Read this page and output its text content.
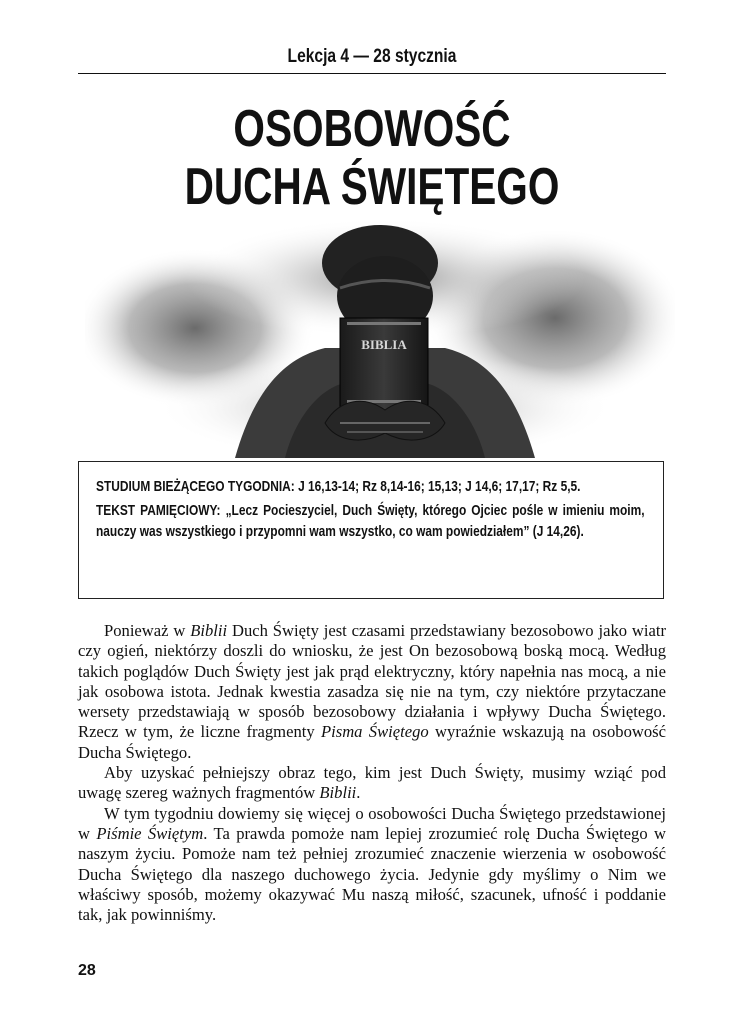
Lekcja 4 — 28 stycznia
OSOBOWOŚĆ
DUCHA ŚWIĘTEGO
BIBLIA

STUDIUM BIEŻĄCEGO TYGODNIA: J 16,13-14; Rz 8,14-16; 15,13; J 14,6; 17,17; Rz 5,5.

TEKST PAMIĘCIOWY: „Lecz Pocieszyciel, Duch Święty, którego Ojciec pośle w imieniu moim, nauczy was wszystkiego i przypomni wam wszystko, co wam powiedziałem” (J 14,26).

Ponieważ w Biblii Duch Święty jest czasami przedstawiany bezosobowo jako wiatr czy ogień, niektórzy doszli do wniosku, że jest On bezosobową boską mocą. Według takich poglądów Duch Święty jest jak prąd elektryczny, który napełnia nas mocą, a nie jak osobowa istota. Jednak kwestia zasadza się nie na tym, czy niektóre przytaczane wersety przedstawiają w sposób bezosobowy działania i wpływy Ducha Świętego. Rzecz w tym, że liczne fragmenty Pisma Świętego wyraźnie wskazują na osobowość Ducha Świętego.

Aby uzyskać pełniejszy obraz tego, kim jest Duch Święty, musimy wziąć pod uwagę szereg ważnych fragmentów Biblii.

W tym tygodniu dowiemy się więcej o osobowości Ducha Świętego przedstawionej w Piśmie Świętym. Ta prawda pomoże nam lepiej zrozumieć rolę Ducha Świętego w naszym życiu. Pomoże nam też pełniej zrozumieć znaczenie wierzenia w osobowość Ducha Świętego dla naszego duchowego życia. Jedynie gdy myślimy o Nim we właściwy sposób, możemy okazywać Mu naszą miłość, szacunek, ufność i poddanie tak, jak powinniśmy.

28
